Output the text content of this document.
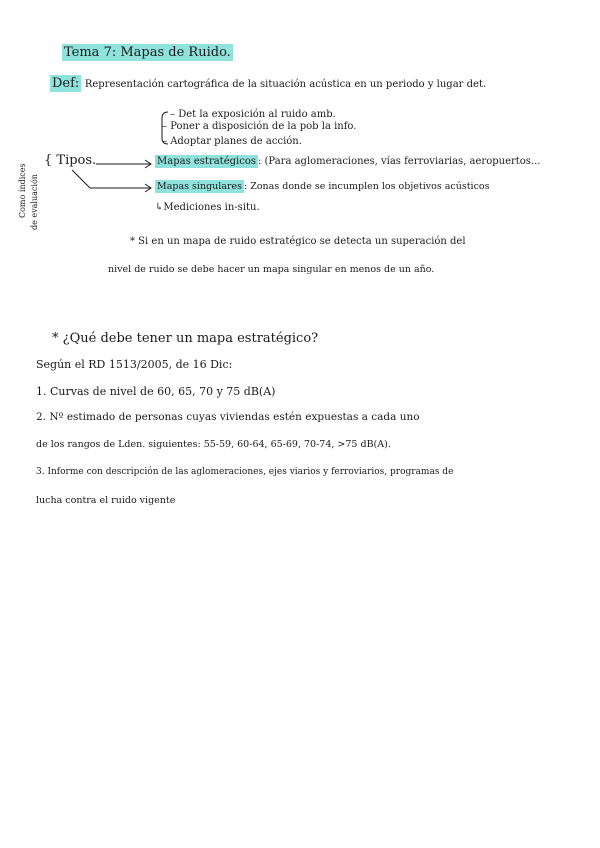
Tema 7: Mapas de Ruido.
Def: Representación cartográfica de la situación acústica en un periodo y lugar det.
– Det la exposición al ruido amb.
– Poner a disposición de la pob la info.
– Adoptar planes de acción.
Como índices de evaluación
{ Tipos.	Mapas estratégicos : (Para aglomeraciones, vías ferroviarias, aeropuertos...
Mapas singulares : Zonas donde se incumplen los objetivos acústicos
↳Mediciones in-situ.
* Si en un mapa de ruido estratégico se detecta un superación del
nivel de ruido se debe hacer un mapa singular en menos de un año.
* ¿Qué debe tener un mapa estratégico?
Según el RD 1513/2005, de 16 Dic:
1. Curvas de nivel de 60, 65, 70 y 75 dB(A)
2. Nº estimado de personas cuyas viviendas estén expuestas a cada uno
de los rangos de Lden. siguientes: 55-59, 60-64, 65-69, 70-74, >75 dB(A).
3. Informe con descripción de las aglomeraciones, ejes viarios y ferroviarios, programas de
lucha contra el ruido vigente
